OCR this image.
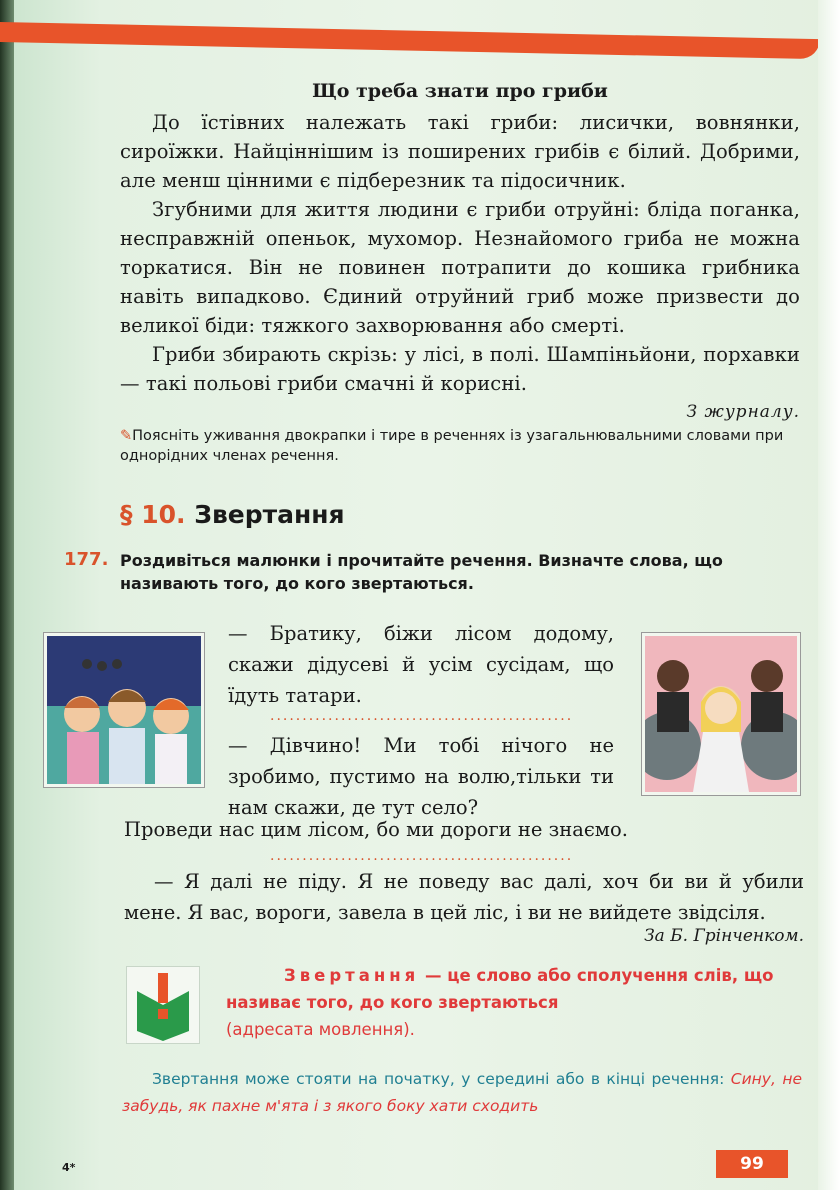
Що треба знати про гриби

До їстівних належать такі гриби: лисички, вовнянки, сироїжки. Найціннішим із поширених грибів є білий. Добрими, але менш цінними є підберезник та підосичник.

Згубними для життя людини є гриби отруйні: бліда поганка, несправжній опеньок, мухомор. Незнайомого гриба не можна торкатися. Він не повинен потрапити до кошика грибника навіть випадково. Єдиний отруйний гриб може призвести до великої біди: тяжкого захворювання або смерті.

Гриби збирають скрізь: у лісі, в полі. Шампіньйони, порхавки — такі польові гриби смачні й корисні.

З журналу.

✎Поясніть уживання двокрапки і тире в реченнях із узагальнювальними словами при однорідних членах речення.

§ 10. Звертання
177. Роздивіться малюнки і прочитайте речення. Визначте слова, що називають того, до кого звертаються.

— Братику, біжи лісом додому, скажи дідусеві й усім сусідам, що їдуть татари.
...............................................
— Дівчино! Ми тобі нічого не зробимо, пустимо на волю,тільки ти нам скажи, де тут село?
Проведи нас цим лісом, бо ми дороги не знаємо.
...............................................
— Я далі не піду. Я не поведу вас далі, хоч би ви й убили мене. Я вас, вороги, завела в цей ліс, і ви не вийдете звідсіля.
За Б. Грінченком.
Звертання — це слово або сполучення слів, що називає того, до кого звертаються
(адресата мовлення).
Звертання може стояти на початку, у середині або в кінці речення: Сину, не забудь, як пахне м'ята і з якого боку хати сходить
4*	99
